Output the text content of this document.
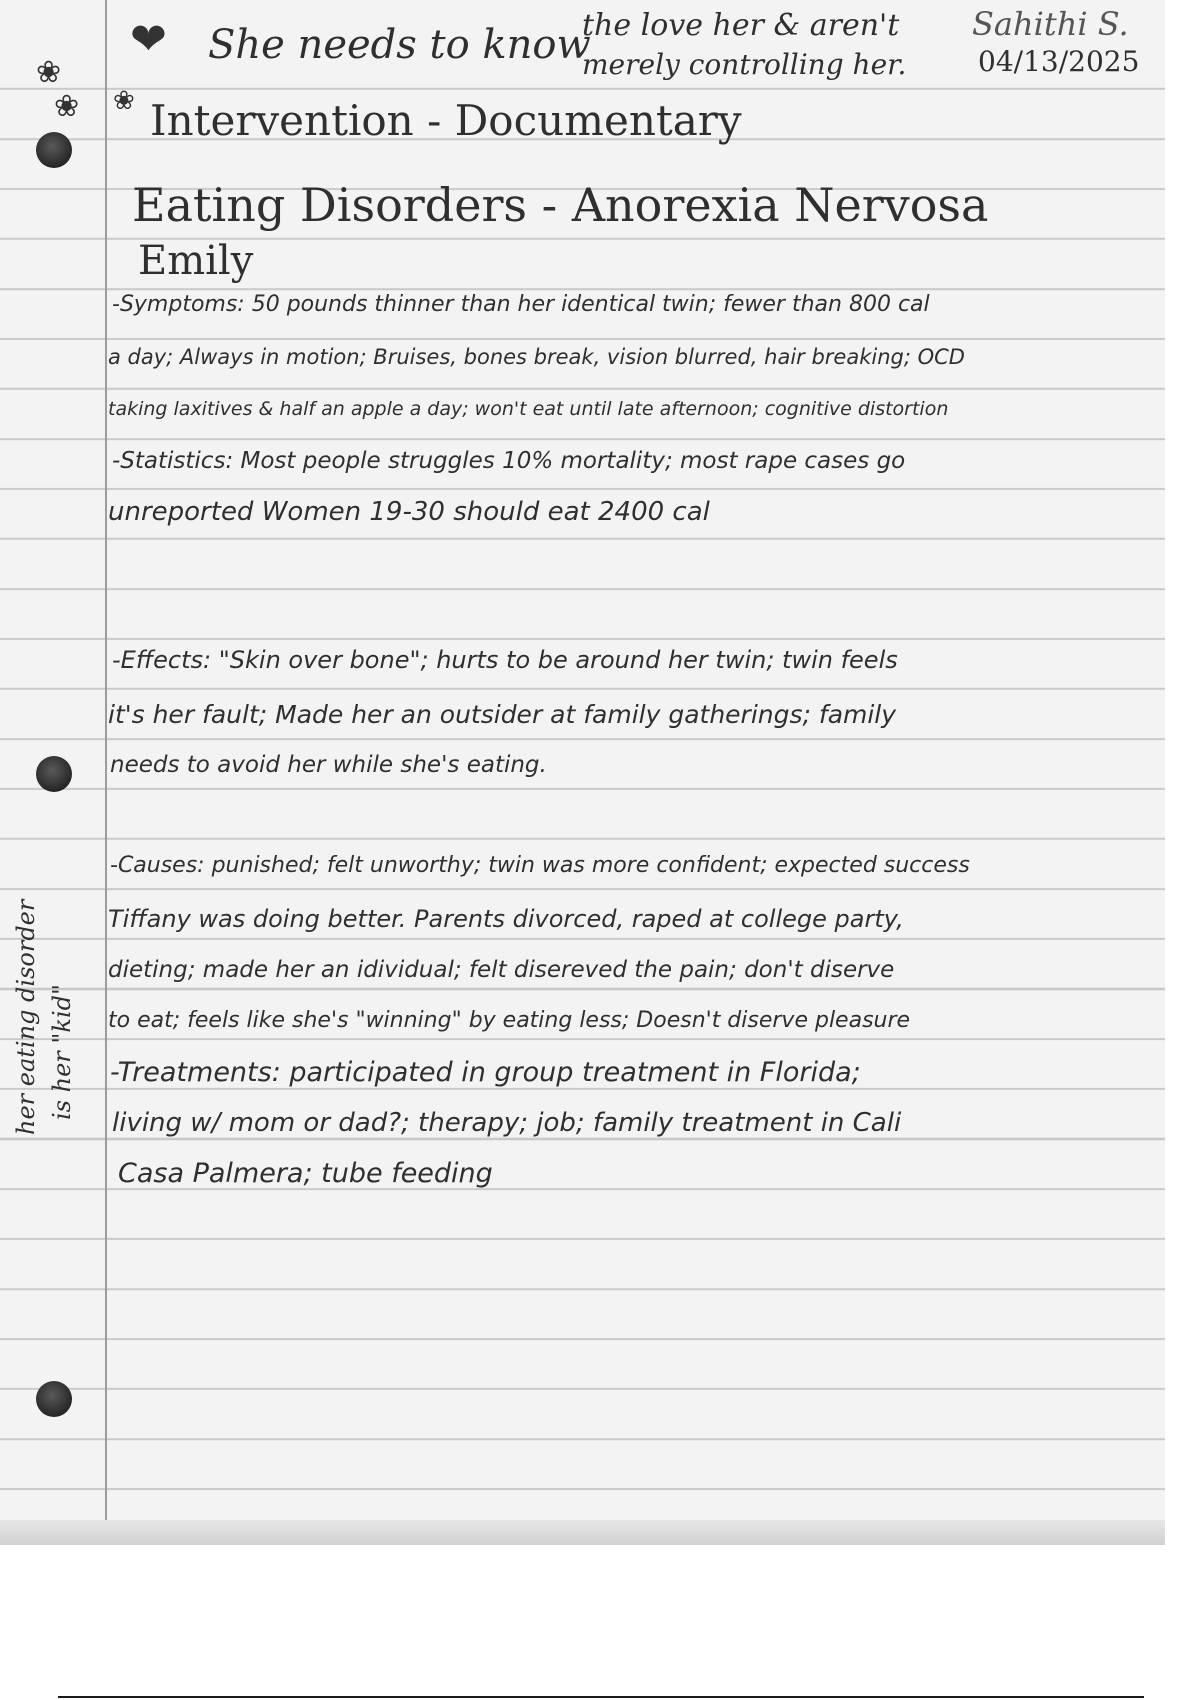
❤
❀
❀ ❀
She needs to know
the love her & aren't
merely controlling her.
Sahithi S.
04/13/2025
Intervention - Documentary
Eating Disorders - Anorexia Nervosa
Emily
-Symptoms: 50 pounds thinner than her identical twin; fewer than 800 cal
a day; Always in motion; Bruises, bones break, vision blurred, hair breaking; OCD
taking laxitives & half an apple a day; won't eat until late afternoon; cognitive distortion
-Statistics: Most people struggles 10% mortality; most rape cases go
unreported Women 19-30 should eat 2400 cal
-Effects: "Skin over bone"; hurts to be around her twin; twin feels
it's her fault; Made her an outsider at family gatherings; family
needs to avoid her while she's eating.
-Causes: punished; felt unworthy; twin was more confident; expected success
Tiffany was doing better. Parents divorced, raped at college party,
dieting; made her an idividual; felt disereved the pain; don't diserve
to eat; feels like she's "winning" by eating less; Doesn't diserve pleasure
-Treatments: participated in group treatment in Florida;
living w/ mom or dad?; therapy; job; family treatment in Cali
Casa Palmera; tube feeding
her eating disorder is her "kid"
